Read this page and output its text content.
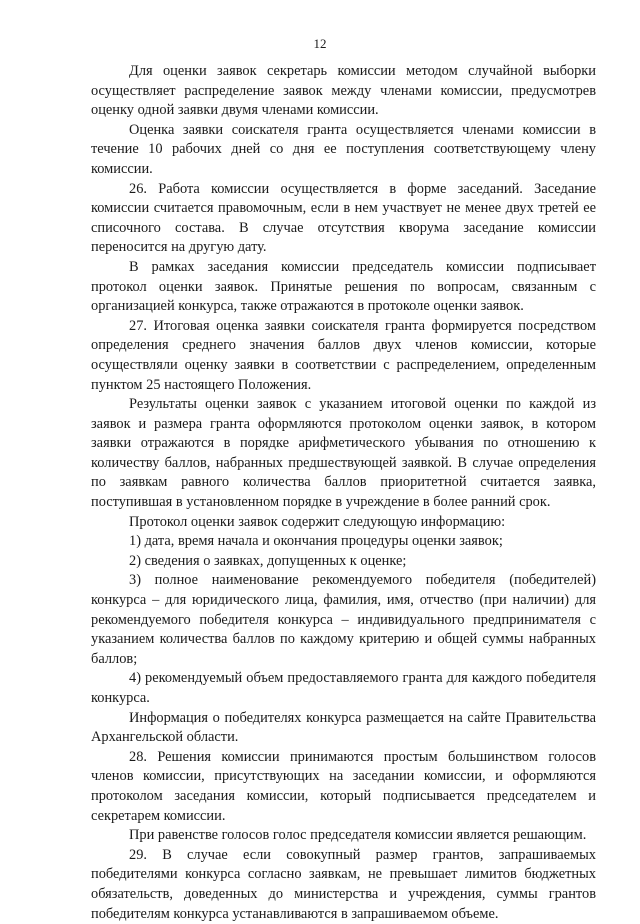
12

Для оценки заявок секретарь комиссии методом случайной выборки осуществляет распределение заявок между членами комиссии, предусмотрев оценку одной заявки двумя членами комиссии.

Оценка заявки соискателя гранта осуществляется членами комиссии в течение 10 рабочих дней со дня ее поступления соответствующему члену комиссии.

26. Работа комиссии осуществляется в форме заседаний. Заседание комиссии считается правомочным, если в нем участвует не менее двух третей ее списочного состава. В случае отсутствия кворума заседание комиссии переносится на другую дату.

В рамках заседания комиссии председатель комиссии подписывает протокол оценки заявок. Принятые решения по вопросам, связанным с организацией конкурса, также отражаются в протоколе оценки заявок.

27. Итоговая оценка заявки соискателя гранта формируется посредством определения среднего значения баллов двух членов комиссии, которые осуществляли оценку заявки в соответствии с распределением, определенным пунктом 25 настоящего Положения.

Результаты оценки заявок с указанием итоговой оценки по каждой из заявок и размера гранта оформляются протоколом оценки заявок, в котором заявки отражаются в порядке арифметического убывания по отношению к количеству баллов, набранных предшествующей заявкой. В случае определения по заявкам равного количества баллов приоритетной считается заявка, поступившая в установленном порядке в учреждение в более ранний срок.

Протокол оценки заявок содержит следующую информацию:

1) дата, время начала и окончания процедуры оценки заявок;

2) сведения о заявках, допущенных к оценке;

3) полное наименование рекомендуемого победителя (победителей) конкурса – для юридического лица, фамилия, имя, отчество (при наличии) для рекомендуемого победителя конкурса – индивидуального предпринимателя с указанием количества баллов по каждому критерию и общей суммы набранных баллов;

4) рекомендуемый объем предоставляемого гранта для каждого победителя конкурса.

Информация о победителях конкурса размещается на сайте Правительства Архангельской области.

28. Решения комиссии принимаются простым большинством голосов членов комиссии, присутствующих на заседании комиссии, и оформляются протоколом заседания комиссии, который подписывается председателем и секретарем комиссии.

При равенстве голосов голос председателя комиссии является решающим.

29. В случае если совокупный размер грантов, запрашиваемых победителями конкурса согласно заявкам, не превышает лимитов бюджетных обязательств, доведенных до министерства и учреждения, суммы грантов победителям конкурса устанавливаются в запрашиваемом объеме.
